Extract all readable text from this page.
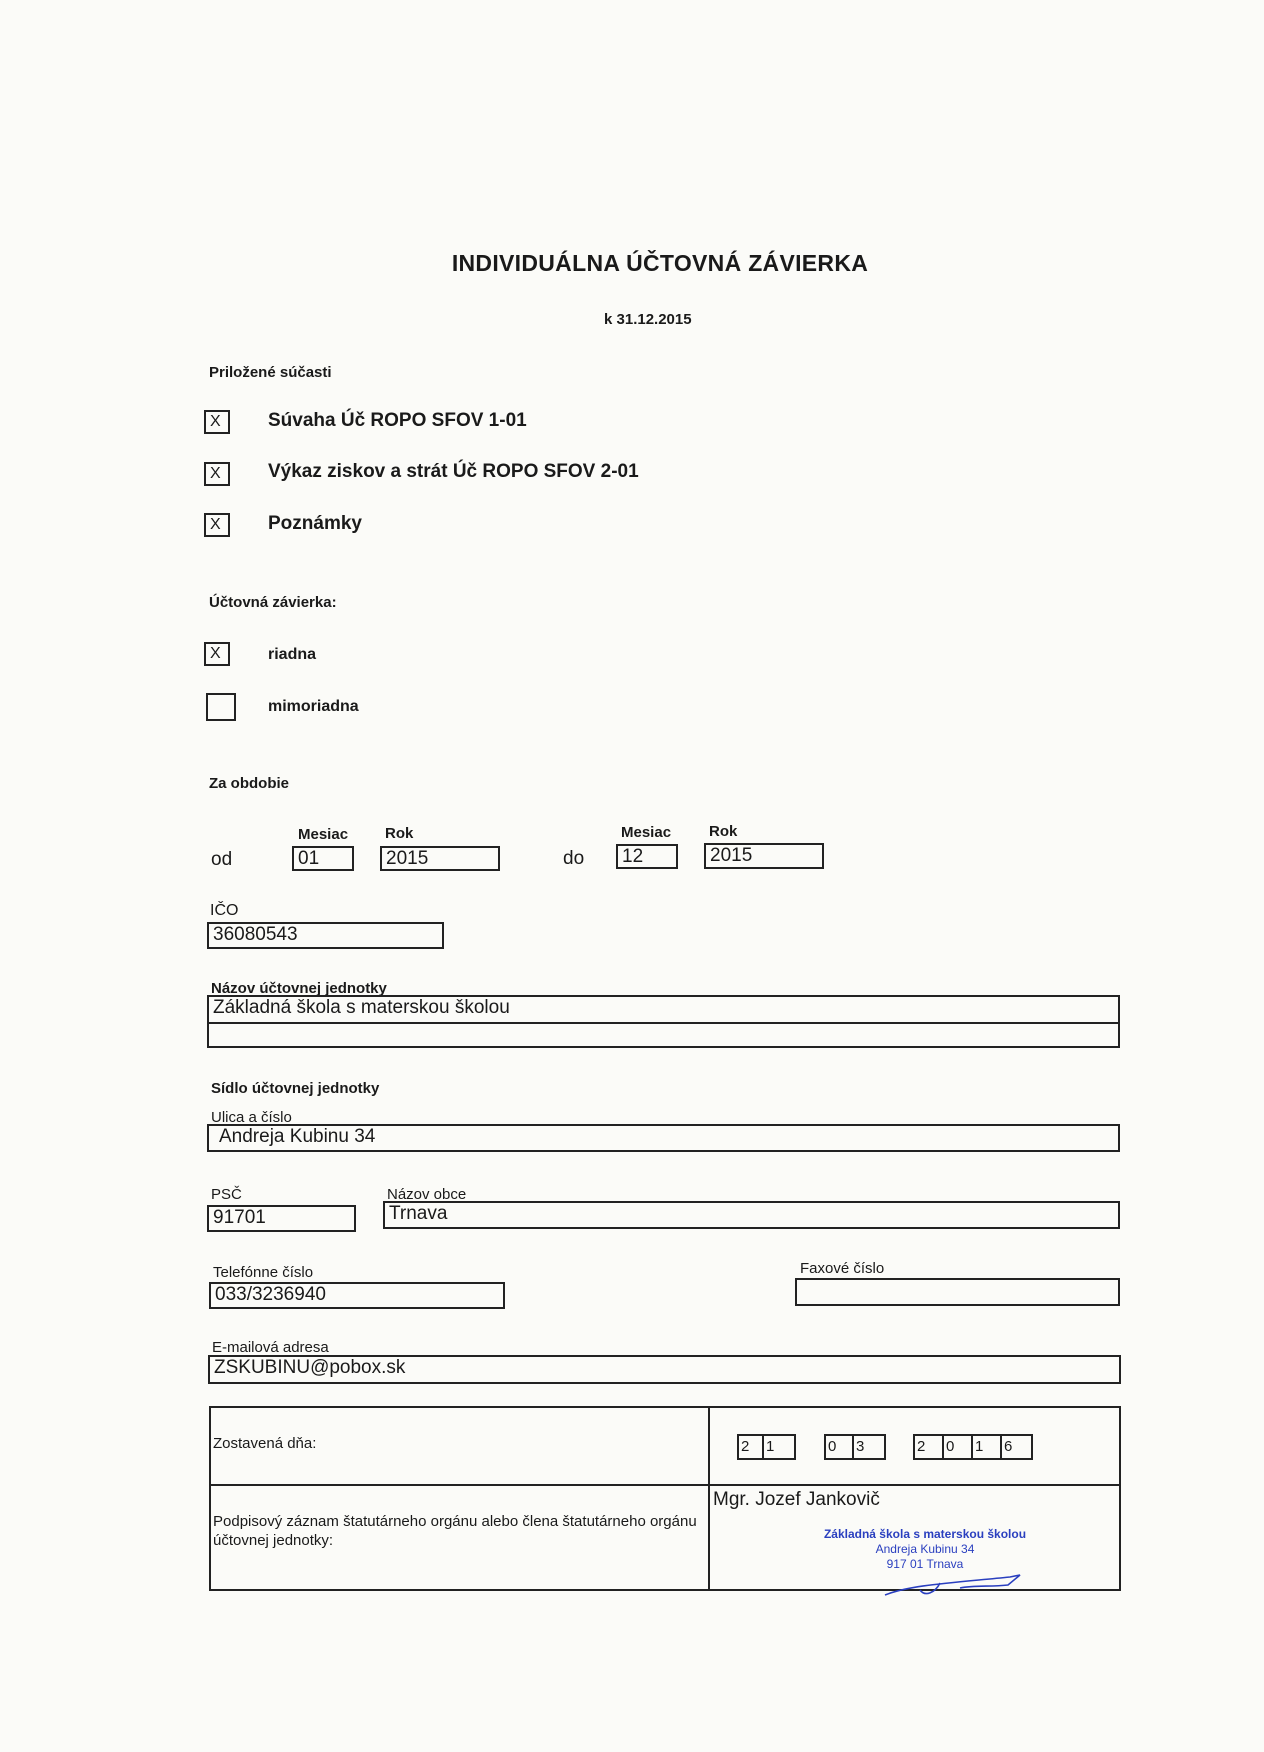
INDIVIDUÁLNA ÚČTOVNÁ ZÁVIERKA
k 31.12.2015
Priložené súčasti
X	Súvaha Úč ROPO SFOV 1-01
X	Výkaz ziskov a strát Úč ROPO SFOV 2-01
X	Poznámky
Účtovná závierka:
X	riadna
mimoriadna
Za obdobie
Mesiac Rok
od	01	2015
Mesiac	Rok
do	12	2015
IČO
36080543
Názov účtovnej jednotky
Základná škola s materskou školou
Sídlo účtovnej jednotky
Ulica a číslo
Andreja Kubinu 34
PSČ
91701
Názov obce
Trnava
Telefónne číslo
033/3236940
Faxové číslo
E-mailová adresa
ZSKUBINU@pobox.sk
Zostavená dňa:	2 1	0 3	2 0 1 6
Podpisový záznam štatutárneho orgánu alebo člena štatutárneho orgánu účtovnej jednotky:
Mgr. Jozef Jankovič
Základná škola s materskou školou
Andreja Kubinu 34
917 01 Trnava
